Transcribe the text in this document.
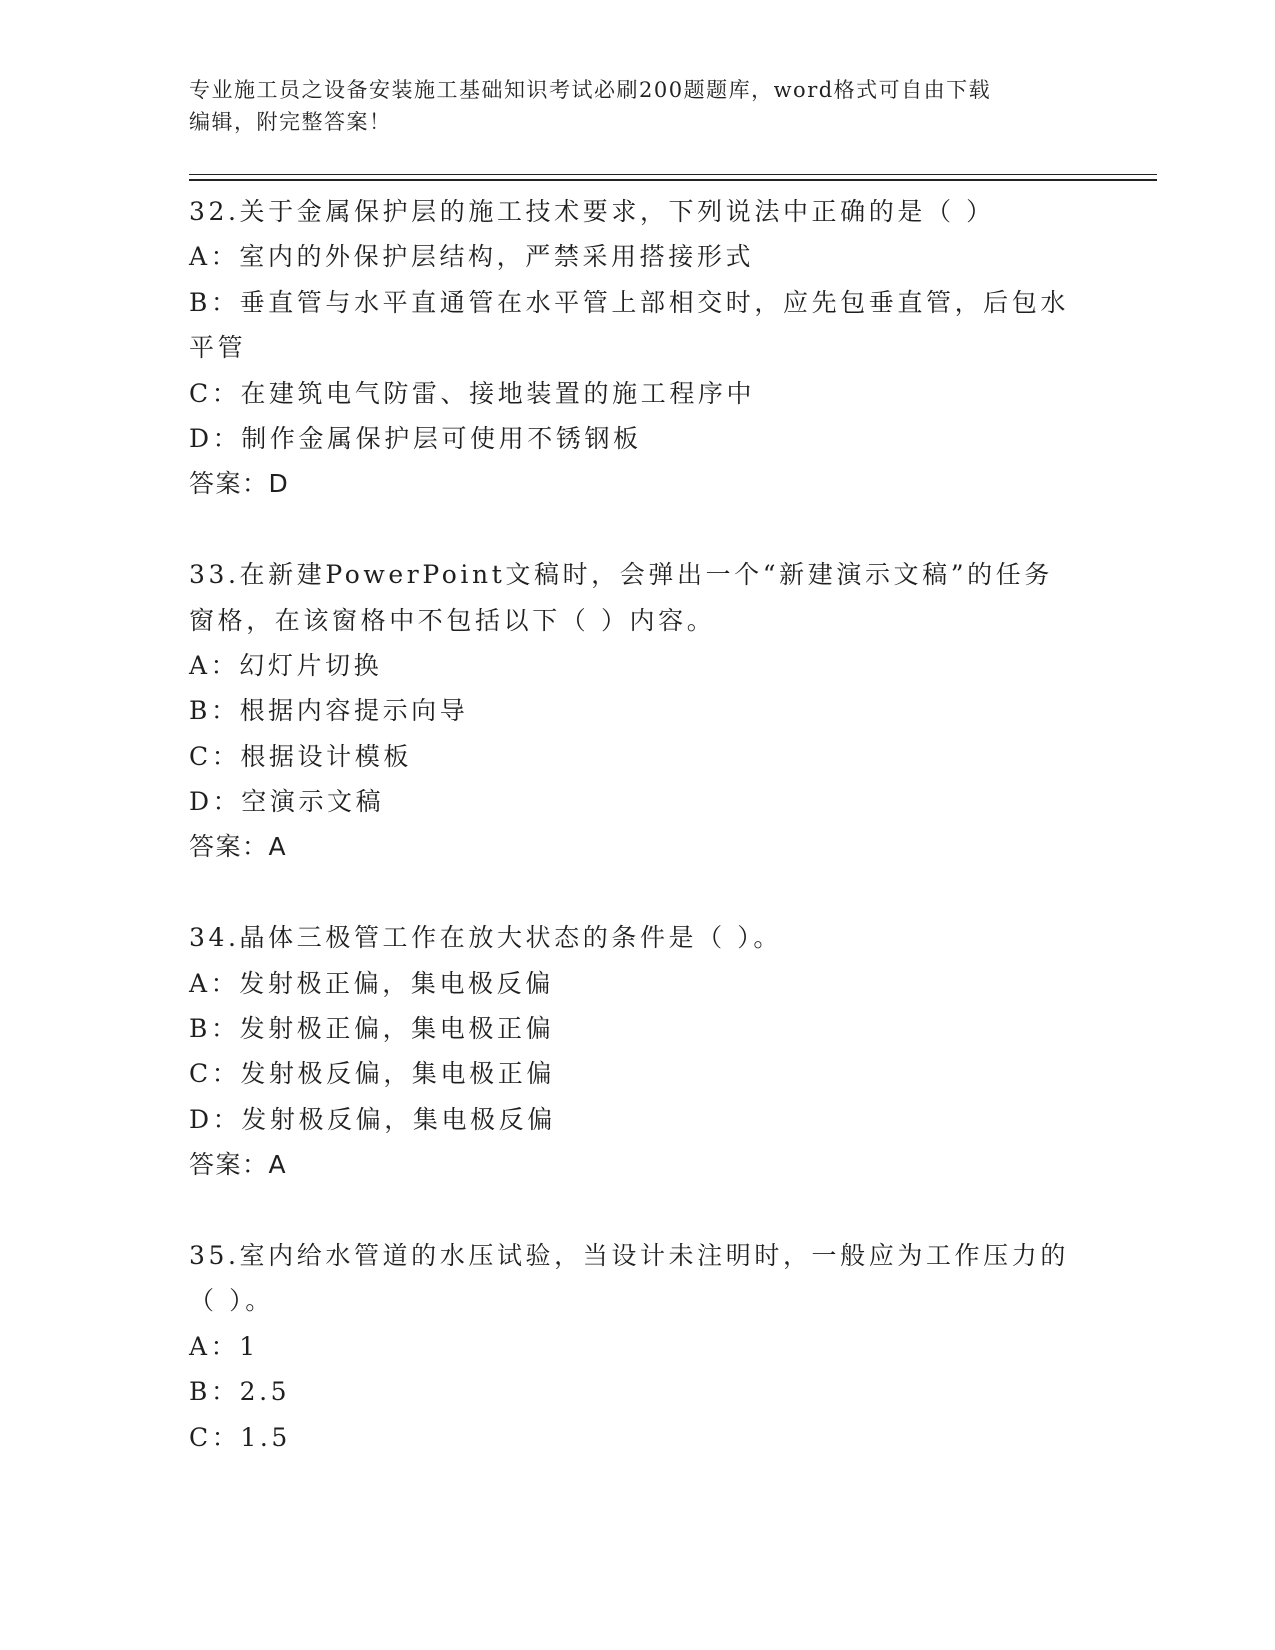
专业施工员之设备安装施工基础知识考试必刷200题题库，word格式可自由下载
编辑，附完整答案！
32.关于金属保护层的施工技术要求，下列说法中正确的是（ ）
A：室内的外保护层结构，严禁采用搭接形式
B：垂直管与水平直通管在水平管上部相交时，应先包垂直管，后包水
平管
C：在建筑电气防雷、接地装置的施工程序中
D：制作金属保护层可使用不锈钢板
答案：D
33.在新建PowerPoint文稿时，会弹出一个“新建演示文稿”的任务
窗格，在该窗格中不包括以下（ ）内容。
A：幻灯片切换
B：根据内容提示向导
C：根据设计模板
D：空演示文稿
答案：A
34.晶体三极管工作在放大状态的条件是（ ）。
A：发射极正偏，集电极反偏
B：发射极正偏，集电极正偏
C：发射极反偏，集电极正偏
D：发射极反偏，集电极反偏
答案：A
35.室内给水管道的水压试验，当设计未注明时，一般应为工作压力的
（ ）。
A：1
B：2.5
C：1.5
